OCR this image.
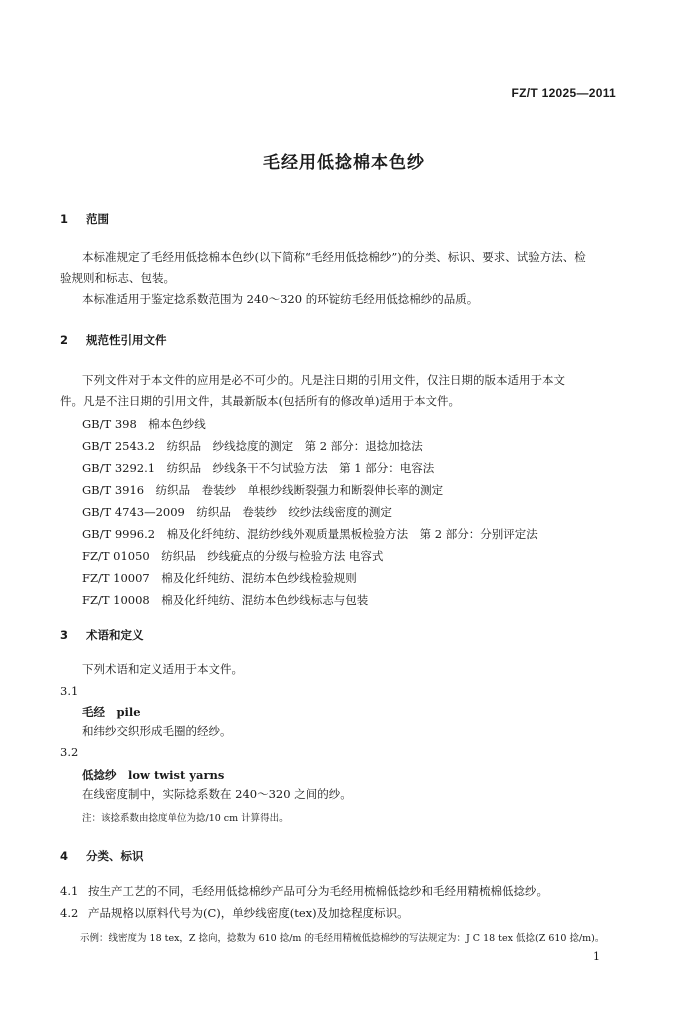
FZ/T 12025—2011
毛经用低捻棉本色纱
1 范围
本标准规定了毛经用低捻棉本色纱(以下简称“毛经用低捻棉纱”)的分类、标识、要求、试验方法、检
验规则和标志、包装。
本标准适用于鉴定捻系数范围为 240～320 的环锭纺毛经用低捻棉纱的品质。
2 规范性引用文件
下列文件对于本文件的应用是必不可少的。凡是注日期的引用文件，仅注日期的版本适用于本文
件。凡是不注日期的引用文件，其最新版本(包括所有的修改单)适用于本文件。
GB/T 398　棉本色纱线
GB/T 2543.2　纺织品　纱线捻度的测定　第 2 部分：退捻加捻法
GB/T 3292.1　纺织品　纱线条干不匀试验方法　第 1 部分：电容法
GB/T 3916　纺织品　卷装纱　单根纱线断裂强力和断裂伸长率的测定
GB/T 4743—2009　纺织品　卷装纱　绞纱法线密度的测定
GB/T 9996.2　棉及化纤纯纺、混纺纱线外观质量黑板检验方法　第 2 部分：分别评定法
FZ/T 01050　纺织品　纱线疵点的分级与检验方法 电容式
FZ/T 10007　棉及化纤纯纺、混纺本色纱线检验规则
FZ/T 10008　棉及化纤纯纺、混纺本色纱线标志与包装
3 术语和定义
下列术语和定义适用于本文件。
3.1
毛经　pile
和纬纱交织形成毛圈的经纱。
3.2
低捻纱　low twist yarns
在线密度制中，实际捻系数在 240～320 之间的纱。
注：该捻系数由捻度单位为捻/10 cm 计算得出。
4 分类、标识
4.1 按生产工艺的不同，毛经用低捻棉纱产品可分为毛经用梳棉低捻纱和毛经用精梳棉低捻纱。
4.2 产品规格以原料代号为(C)，单纱线密度(tex)及加捻程度标识。
示例：线密度为 18 tex，Z 捻向，捻数为 610 捻/m 的毛经用精梳低捻棉纱的写法规定为：J C 18 tex 低捻(Z 610 捻/m)。
1
